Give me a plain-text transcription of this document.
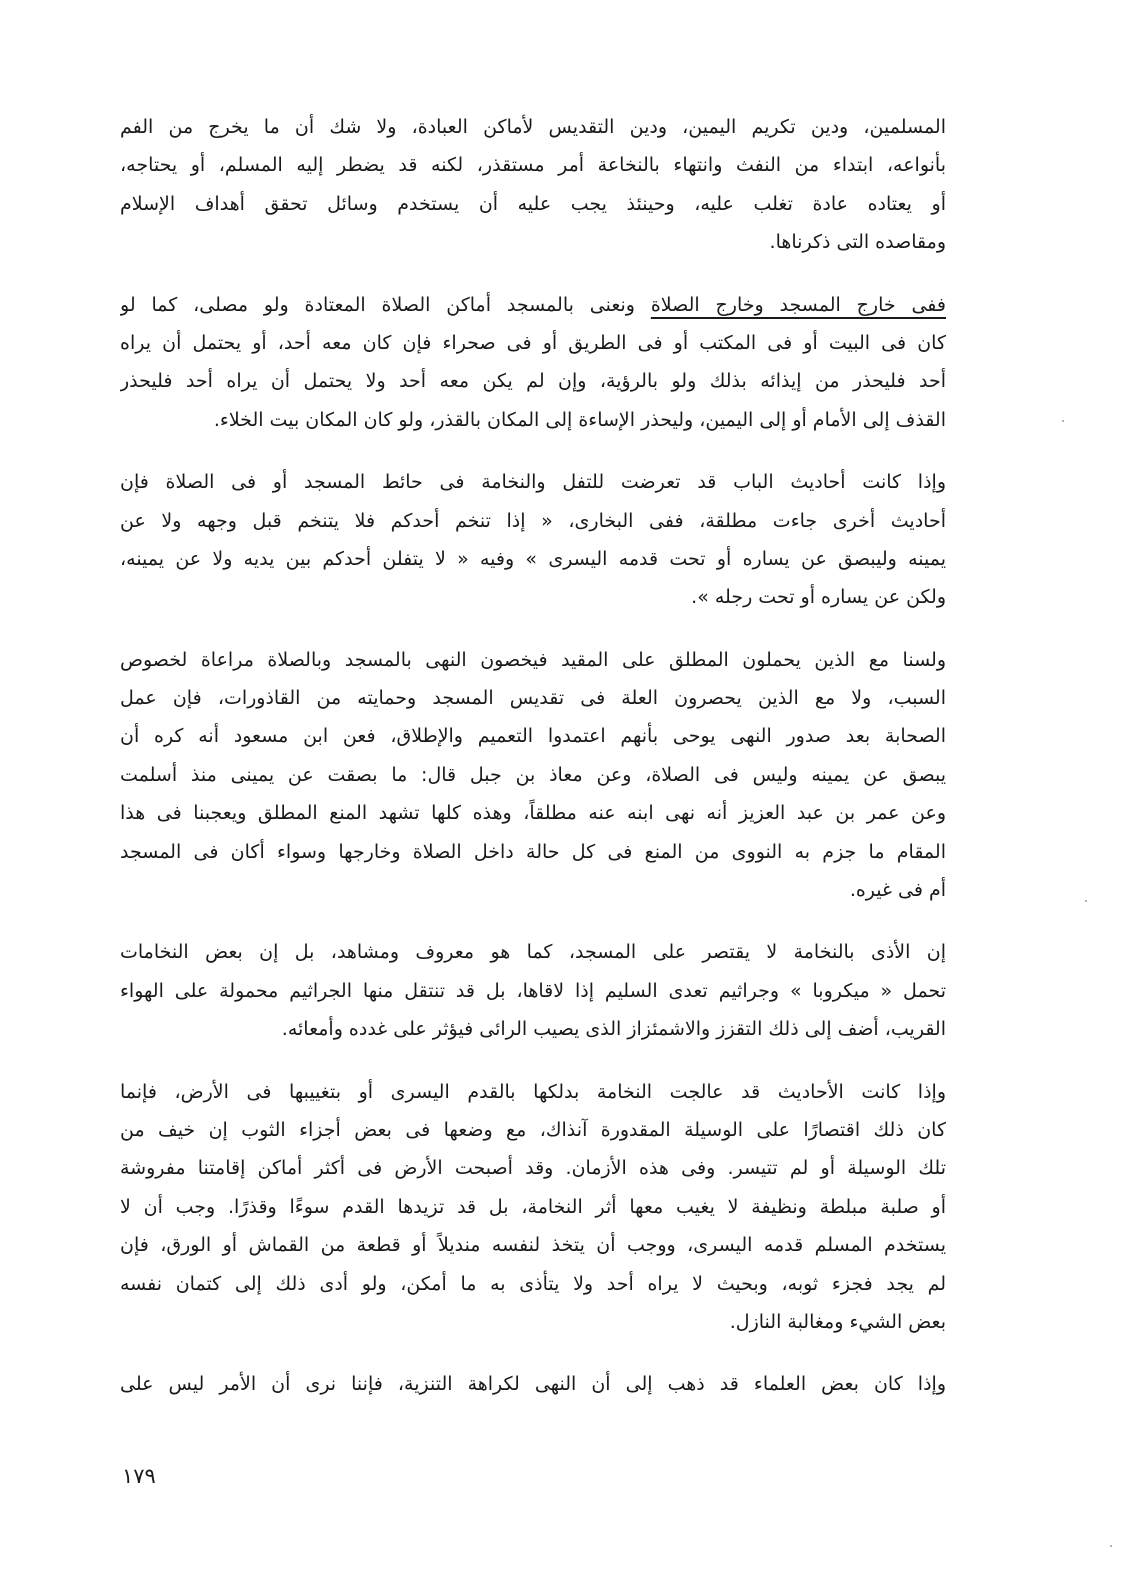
المسلمين، ودين تكريم اليمين، ودين التقديس لأماكن العبادة، ولا شك أن ما يخرج من الفم
بأنواعه، ابتداء من النفث وانتهاء بالنخاعة أمر مستقذر، لكنه قد يضطر إليه المسلم، أو يحتاجه،
أو يعتاده عادة تغلب عليه، وحينئذ يجب عليه أن يستخدم وسائل تحقق أهداف الإسلام
ومقاصده التى ذكرناها.

ففى خارج المسجد وخارج الصلاة ونعنى بالمسجد أماكن الصلاة المعتادة ولو مصلى، كما لو
كان فى البيت أو فى المكتب أو فى الطريق أو فى صحراء فإن كان معه أحد، أو يحتمل أن يراه
أحد فليحذر من إيذائه بذلك ولو بالرؤية، وإن لم يكن معه أحد ولا يحتمل أن يراه أحد فليحذر
القذف إلى الأمام أو إلى اليمين، وليحذر الإساءة إلى المكان بالقذر، ولو كان المكان بيت الخلاء.

وإذا كانت أحاديث الباب قد تعرضت للتفل والنخامة فى حائط المسجد أو فى الصلاة فإن
أحاديث أخرى جاءت مطلقة، ففى البخارى، « إذا تنخم أحدكم فلا يتنخم قبل وجهه ولا عن
يمينه وليبصق عن يساره أو تحت قدمه اليسرى » وفيه « لا يتفلن أحدكم بين يديه ولا عن يمينه،
ولكن عن يساره أو تحت رجله ».

ولسنا مع الذين يحملون المطلق على المقيد فيخصون النهى بالمسجد وبالصلاة مراعاة لخصوص
السبب، ولا مع الذين يحصرون العلة فى تقديس المسجد وحمايته من القاذورات، فإن عمل
الصحابة بعد صدور النهى يوحى بأنهم اعتمدوا التعميم والإطلاق، فعن ابن مسعود أنه كره أن
يبصق عن يمينه وليس فى الصلاة، وعن معاذ بن جبل قال: ما بصقت عن يمينى منذ أسلمت
وعن عمر بن عبد العزيز أنه نهى ابنه عنه مطلقاً، وهذه كلها تشهد المنع المطلق ويعجبنا فى هذا
المقام ما جزم به النووى من المنع فى كل حالة داخل الصلاة وخارجها وسواء أكان فى المسجد
أم فى غيره.

إن الأذى بالنخامة لا يقتصر على المسجد، كما هو معروف ومشاهد، بل إن بعض النخامات
تحمل « ميكروبا » وجراثيم تعدى السليم إذا لاقاها، بل قد تنتقل منها الجراثيم محمولة على الهواء
القريب، أضف إلى ذلك التقزز والاشمئزاز الذى يصيب الرائى فيؤثر على غدده وأمعائه.

وإذا كانت الأحاديث قد عالجت النخامة بدلكها بالقدم اليسرى أو بتغييبها فى الأرض، فإنما
كان ذلك اقتصارًا على الوسيلة المقدورة آنذاك، مع وضعها فى بعض أجزاء الثوب إن خيف من
تلك الوسيلة أو لم تتيسر. وفى هذه الأزمان. وقد أصبحت الأرض فى أكثر أماكن إقامتنا مفروشة
أو صلبة مبلطة ونظيفة لا يغيب معها أثر النخامة، بل قد تزيدها القدم سوءًا وقذرًا. وجب أن لا
يستخدم المسلم قدمه اليسرى، ووجب أن يتخذ لنفسه منديلاً أو قطعة من القماش أو الورق، فإن
لم يجد فجزء ثوبه، وبحيث لا يراه أحد ولا يتأذى به ما أمكن، ولو أدى ذلك إلى كتمان نفسه
بعض الشيء ومغالبة النازل.

وإذا كان بعض العلماء قد ذهب إلى أن النهى لكراهة التنزية، فإننا نرى أن الأمر ليس على

١٧٩
